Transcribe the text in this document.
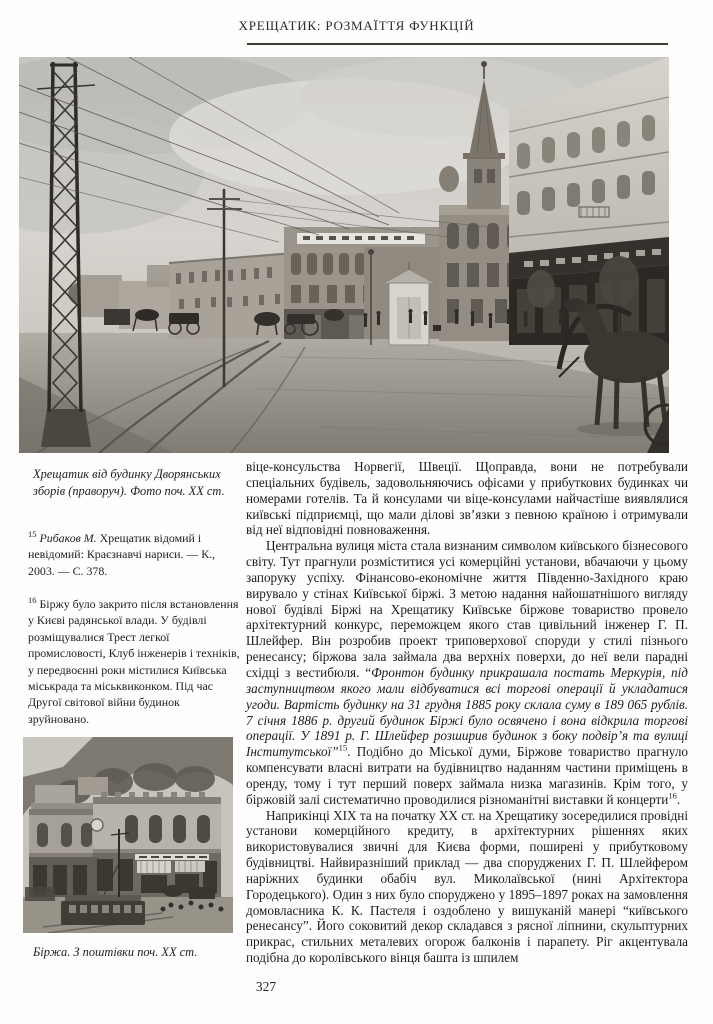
ХРЕЩАТИК: РОЗМАЇТТЯ ФУНКЦІЙ
Хрещатик від будинку Дворянських зборів (праворуч). Фото поч. XX ст.

$^{15}$ Рибаков М. Хрещатик відомий і невідомий: Краєзнавчі нариси. — К., 2003. — С. 378.

$^{16}$ Біржу було закрито після встановлення у Києві радянської влади. У будівлі розміщувалися Трест легкої промисловості, Клуб інженерів і техніків, у передвоєнні роки містилися Київська міськрада та міськвиконком. Під час Другої світової війни будинок зруйновано.

Біржа. З поштівки поч. XX ст.

віце-консульства Норвегії, Швеції. Щоправда, вони не потребували спеціальних будівель, задовольняючись офісами у прибуткових будинках чи номерами готелів. Та й консулами чи віце-консулами найчастіше виявлялися київські підприємці, що мали ділові зв’язки з певною країною і отримували від неї відповідні повноваження.

Центральна вулиця міста стала визнаним символом київського бізнесового світу. Тут прагнули розміститися усі комерційні установи, вбачаючи у цьому запоруку успіху. Фінансово-економічне життя Південно-Західного краю вирувало у стінах Київської біржі. З метою надання найошатнішого вигляду нової будівлі Біржі на Хрещатику Київське біржове товариство провело архітектурний конкурс, переможцем якого став цивільний інженер Г. П. Шлейфер. Він розробив проект триповерхової споруди у стилі пізнього ренесансу; біржова зала займала два верхніх поверхи, до неї вели парадні східці з вестибюля. “Фронтон будинку прикрашала постать Меркурія, під заступництвом якого мали відбуватися всі торгові операції й укладатися угоди. Вартість будинку на 31 грудня 1885 року склала суму в 189 065 рублів. 7 січня 1886 р. другий будинок Біржі було освячено і вона відкрила торгові операції. У 1891 р. Г. Шлейфер розширив будинок з боку подвір’я та вулиці Інститутської”$^{15}$. Подібно до Міської думи, Біржове товариство прагнуло компенсувати власні витрати на будівництво наданням частини приміщень в оренду, тому і тут перший поверх займала низка магазинів. Крім того, у біржовій залі систематично проводилися різноманітні виставки й концерти$^{16}$.

Наприкінці XIX та на початку XX ст. на Хрещатику зосередилися провідні установи комерційного кредиту, в архітектурних рішеннях яких використовувалися звичні для Києва форми, поширені у прибутковому будівництві. Найвиразніший приклад — два споруджених Г. П. Шлейфером наріжних будинки обабіч вул. Миколаївської (нині Архітектора Городецького). Один з них було споруджено у 1895–1897 роках на замовлення домовласника К. К. Пастеля і оздоблено у вишуканій манері “київського ренесансу”. Його соковитий декор складався з рясної ліпнини, скульптурних прикрас, стильних металевих огорож балконів і парапету. Ріг акцентувала подібна до королівського вінця башта із шпилем

327
